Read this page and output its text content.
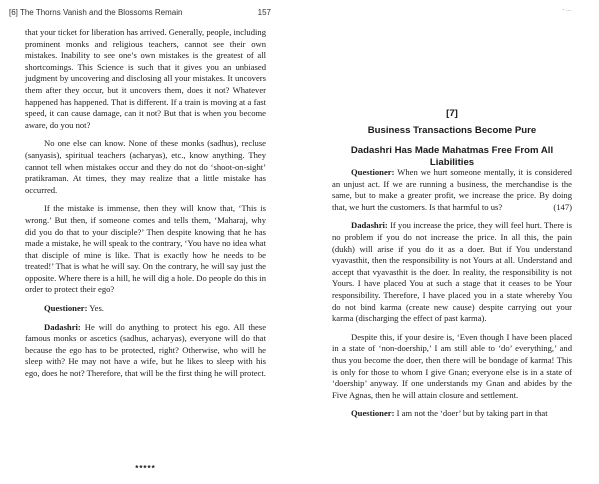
[6] The Thorns Vanish and the Blossoms Remain	157

that your ticket for liberation has arrived. Generally, people, including prominent monks and religious teachers, cannot see their own mistakes. Inability to see one’s own mistakes is the greatest of all shortcomings. This Science is such that it gives you an unbiased judgment by uncovering and disclosing all your mistakes. It uncovers them after they occur, but it uncovers them, does it not? Whatever happened has happened. That is different. If a train is moving at a fast speed, it can cause damage, can it not? But that is when you become aware, do you not?

No one else can know. None of these monks (sadhus), recluse (sanyasis), spiritual teachers (acharyas), etc., know anything. They cannot tell when mistakes occur and they do not do ‘shoot-on-sight’ pratikraman. At times, they may realize that a little mistake has occurred.

If the mistake is immense, then they will know that, ‘This is wrong.’ But then, if someone comes and tells them, ‘Maharaj, why did you do that to your disciple?’ Then despite knowing that he has made a mistake, he will speak to the contrary, ‘You have no idea what that disciple of mine is like. That is exactly how he needs to be treated!’ That is what he will say. On the contrary, he will say just the opposite. Where there is a hill, he will dig a hole. Do people do this in order to protect their ego?

Questioner: Yes.

Dadashri: He will do anything to protect his ego. All these famous monks or ascetics (sadhus, acharyas), everyone will do that because the ego has to be protected, right? Otherwise, who will he sleep with? He may not have a wife, but he likes to sleep with his ego, does he not? Therefore, that will be the first thing he will protect.

*****
- ...
[7]
Business Transactions Become Pure
Dadashri Has Made Mahatmas Free From All Liabilities

Questioner: When we hurt someone mentally, it is considered an unjust act. If we are running a business, the merchandise is the same, but to make a greater profit, we increase the price. By doing that, we hurt the customers. Is that harmful to us?	(147)

Dadashri: If you increase the price, they will feel hurt. There is no problem if you do not increase the price. In all this, the pain (dukh) will arise if you do it as a doer. But if You understand vyavasthit, then the responsibility is not Yours at all. Understand and accept that vyavasthit is the doer. In reality, the responsibility is not Yours. I have placed You at such a stage that it ceases to be Your responsibility. Therefore, I have placed you in a state whereby You do not bind karma (create new cause) despite carrying out your karma (discharging the effect of past karma).

Despite this, if your desire is, ‘Even though I have been placed in a state of ‘non-doership,’ I am still able to ‘do’ everything,’ and thus you become the doer, then there will be bondage of karma! This is only for those to whom I give Gnan; everyone else is in a state of ‘doership’ anyway. If one understands my Gnan and abides by the Five Agnas, then he will attain closure and settlement.

Questioner: I am not the ‘doer’ but by taking part in that
